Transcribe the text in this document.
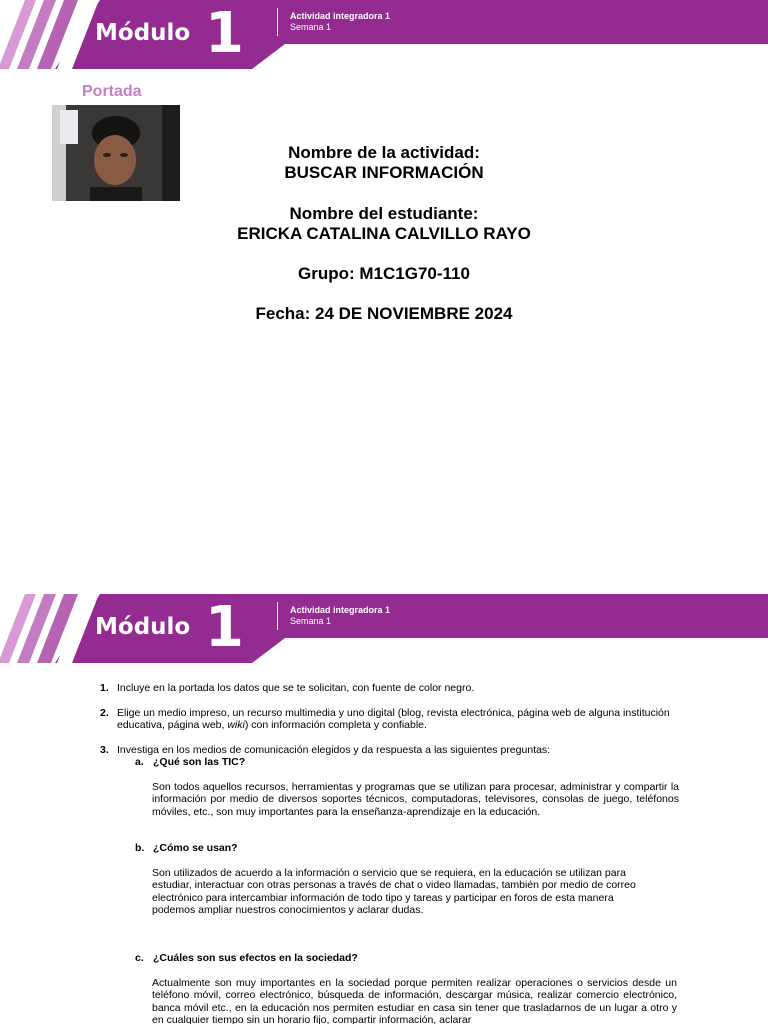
Módulo 1	Actividad integradora 1
Semana 1
Portada
Nombre de la actividad:
BUSCAR INFORMACIÓN
Nombre del estudiante:
ERICKA CATALINA CALVILLO RAYO
Grupo: M1C1G70-110
Fecha: 24 DE NOVIEMBRE 2024
Módulo 1	Actividad integradora 1
Semana 1
1. Incluye en la portada los datos que se te solicitan, con fuente de color negro.
2. Elige un medio impreso, un recurso multimedia y uno digital (blog, revista electrónica, página web de alguna institución educativa, página web, wiki) con información completa y confiable.
3. Investiga en los medios de comunicación elegidos y da respuesta a las siguientes preguntas:
a. ¿Qué son las TIC?
Son todos aquellos recursos, herramientas y programas que se utilizan para procesar, administrar y compartir la información por medio de diversos soportes técnicos, computadoras, televisores, consolas de juego, teléfonos móviles, etc., son muy importantes para la enseñanza-aprendizaje en la educación.
b. ¿Cómo se usan?
Son utilizados de acuerdo a la información o servicio que se requiera, en la educación se utilizan para estudiar, interactuar con otras personas a través de chat o video llamadas, también por medio de correo electrónico para intercambiar información de todo tipo y tareas y participar en foros de esta manera podemos ampliar nuestros conocimientos y aclarar dudas.
c. ¿Cuáles son sus efectos en la sociedad?
Actualmente son muy importantes en la sociedad porque permiten realizar operaciones o servicios desde un teléfono móvil, correo electrónico, búsqueda de información, descargar música, realizar comercio electrónico, banca móvil etc., en la educación nos permiten estudiar en casa sin tener que trasladarnos de un lugar a otro y en cualquier tiempo sin un horario fijo, compartir información, aclarar
